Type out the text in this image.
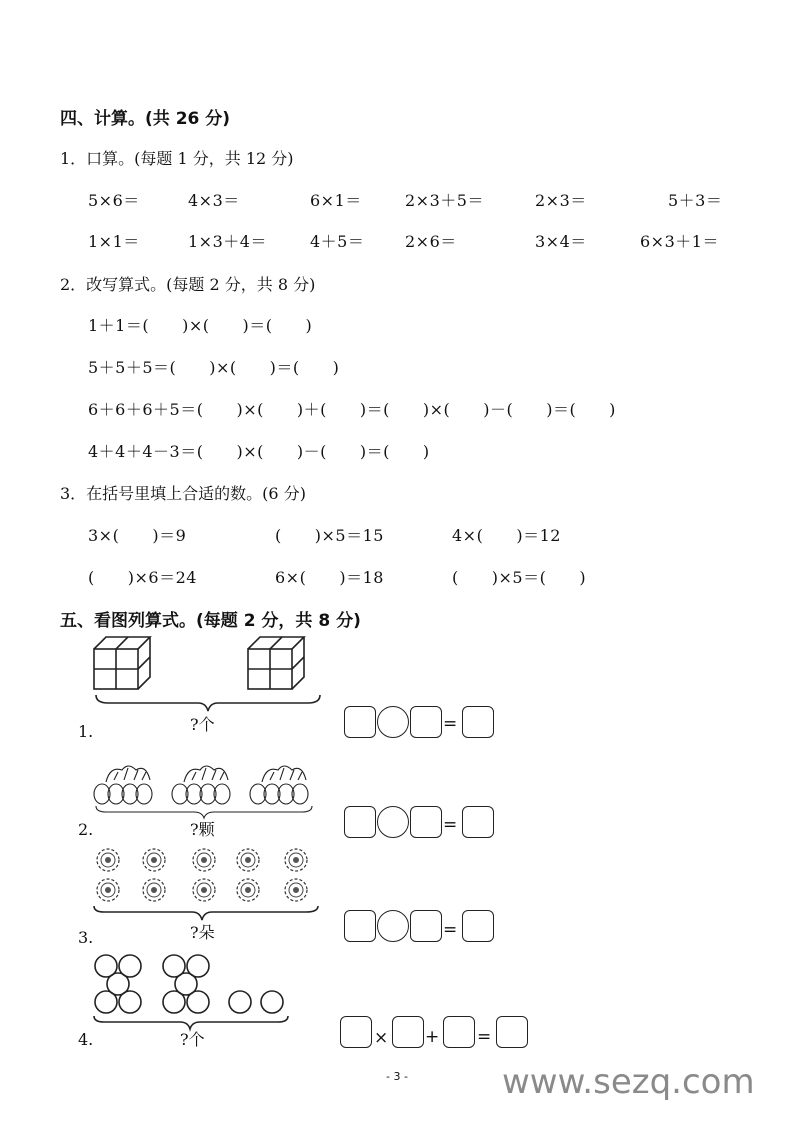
四、计算。(共 26 分)
1．口算。(每题 1 分，共 12 分)
5×6＝	4×3＝	6×1＝	2×3＋5＝	2×3＝	5＋3＝
1×1＝	1×3＋4＝	4＋5＝	2×6＝	3×4＝	6×3＋1＝
2．改写算式。(每题 2 分，共 8 分)
1＋1＝(　　)×(　　)＝(　　)
5＋5＋5＝(　　)×(　　)＝(　　)
6＋6＋6＋5＝(　　)×(　　)＋(　　)＝(　　)×(　　)－(　　)＝(　　)
4＋4＋4－3＝(　　)×(　　)－(　　)＝(　　)
3．在括号里填上合适的数。(6 分)
3×(　　)＝9	(　　)×5＝15	4×(　　)＝12
(　　)×6＝24	6×(　　)＝18	(　　)×5＝(　　)
五、看图列算式。(每题 2 分，共 8 分)
?个
1.	=
?颗
2.	=
?朵
3.	=
?个
4.	× + =
- 3 -	www.sezq.com
